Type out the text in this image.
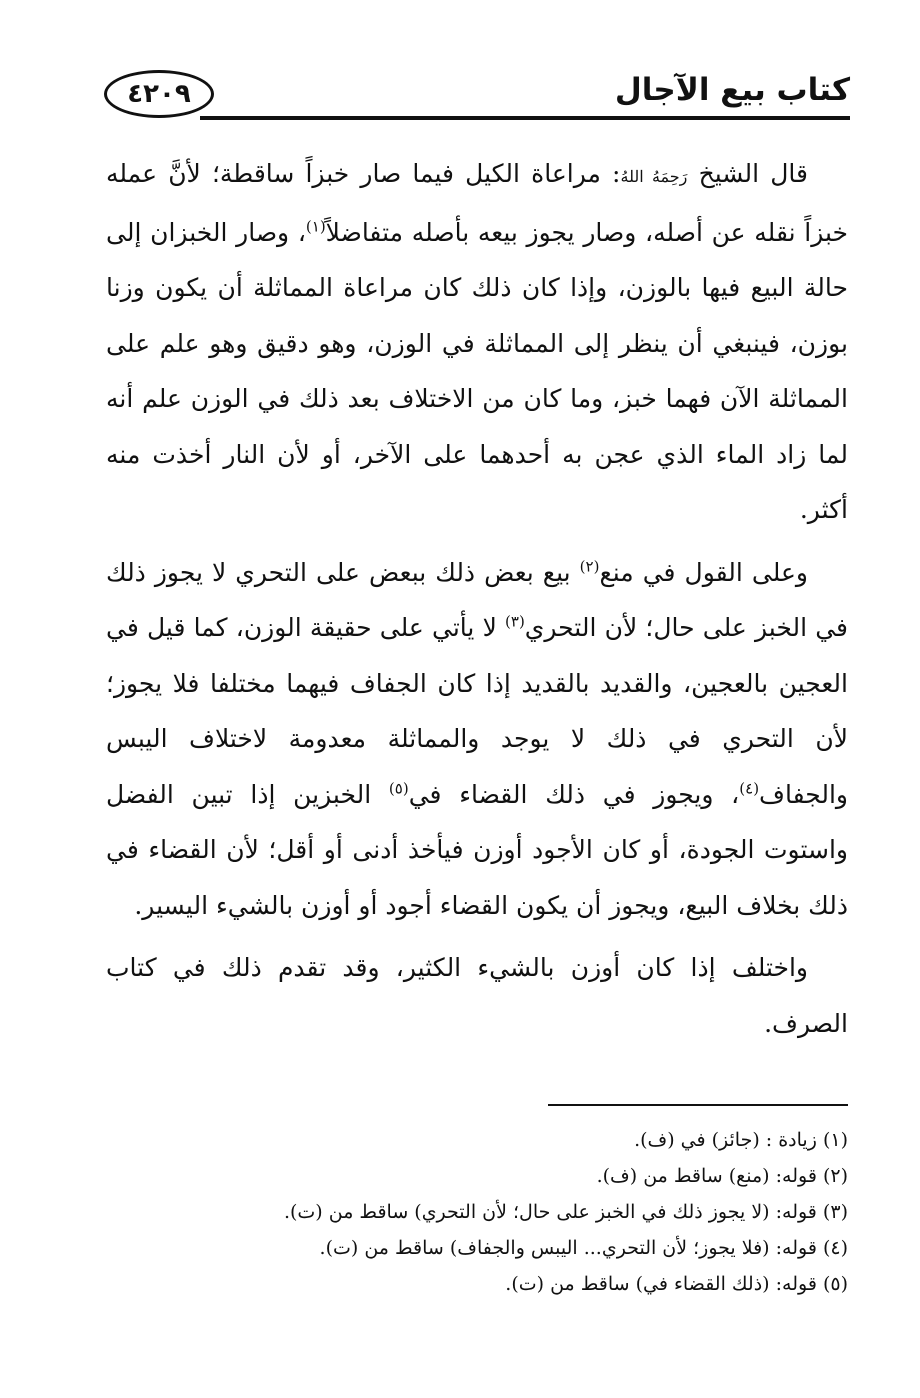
٤٢٠٩	كتاب بيع الآجال

قال الشيخ رَحِمَهُ اللهُ: مراعاة الكيل فيما صار خبزاً ساقطة؛ لأنَّ عمله خبزاً نقله عن أصله، وصار يجوز بيعه بأصله متفاضلاً$^{(١)}$، وصار الخبزان إلى حالة البيع فيها بالوزن، وإذا كان ذلك كان مراعاة المماثلة أن يكون وزنا بوزن، فينبغي أن ينظر إلى المماثلة في الوزن، وهو دقيق وهو علم على المماثلة الآن فهما خبز، وما كان من الاختلاف بعد ذلك في الوزن علم أنه لما زاد الماء الذي عجن به أحدهما على الآخر، أو لأن النار أخذت منه أكثر.

وعلى القول في منع$^{(٢)}$ بيع بعض ذلك ببعض على التحري لا يجوز ذلك في الخبز على حال؛ لأن التحري$^{(٣)}$ لا يأتي على حقيقة الوزن، كما قيل في العجين بالعجين، والقديد بالقديد إذا كان الجفاف فيهما مختلفا فلا يجوز؛ لأن التحري في ذلك لا يوجد والمماثلة معدومة لاختلاف اليبس والجفاف$^{(٤)}$، ويجوز في ذلك القضاء في$^{(٥)}$ الخبزين إذا تبين الفضل واستوت الجودة، أو كان الأجود أوزن فيأخذ أدنى أو أقل؛ لأن القضاء في ذلك بخلاف البيع، ويجوز أن يكون القضاء أجود أو أوزن بالشيء اليسير.

واختلف إذا كان أوزن بالشيء الكثير، وقد تقدم ذلك في كتاب الصرف.

(١) زيادة : (جائز) في (ف).
(٢) قوله: (منع) ساقط من (ف).
(٣) قوله: (لا يجوز ذلك في الخبز على حال؛ لأن التحري) ساقط من (ت).
(٤) قوله: (فلا يجوز؛ لأن التحري... اليبس والجفاف) ساقط من (ت).
(٥) قوله: (ذلك القضاء في) ساقط من (ت).
